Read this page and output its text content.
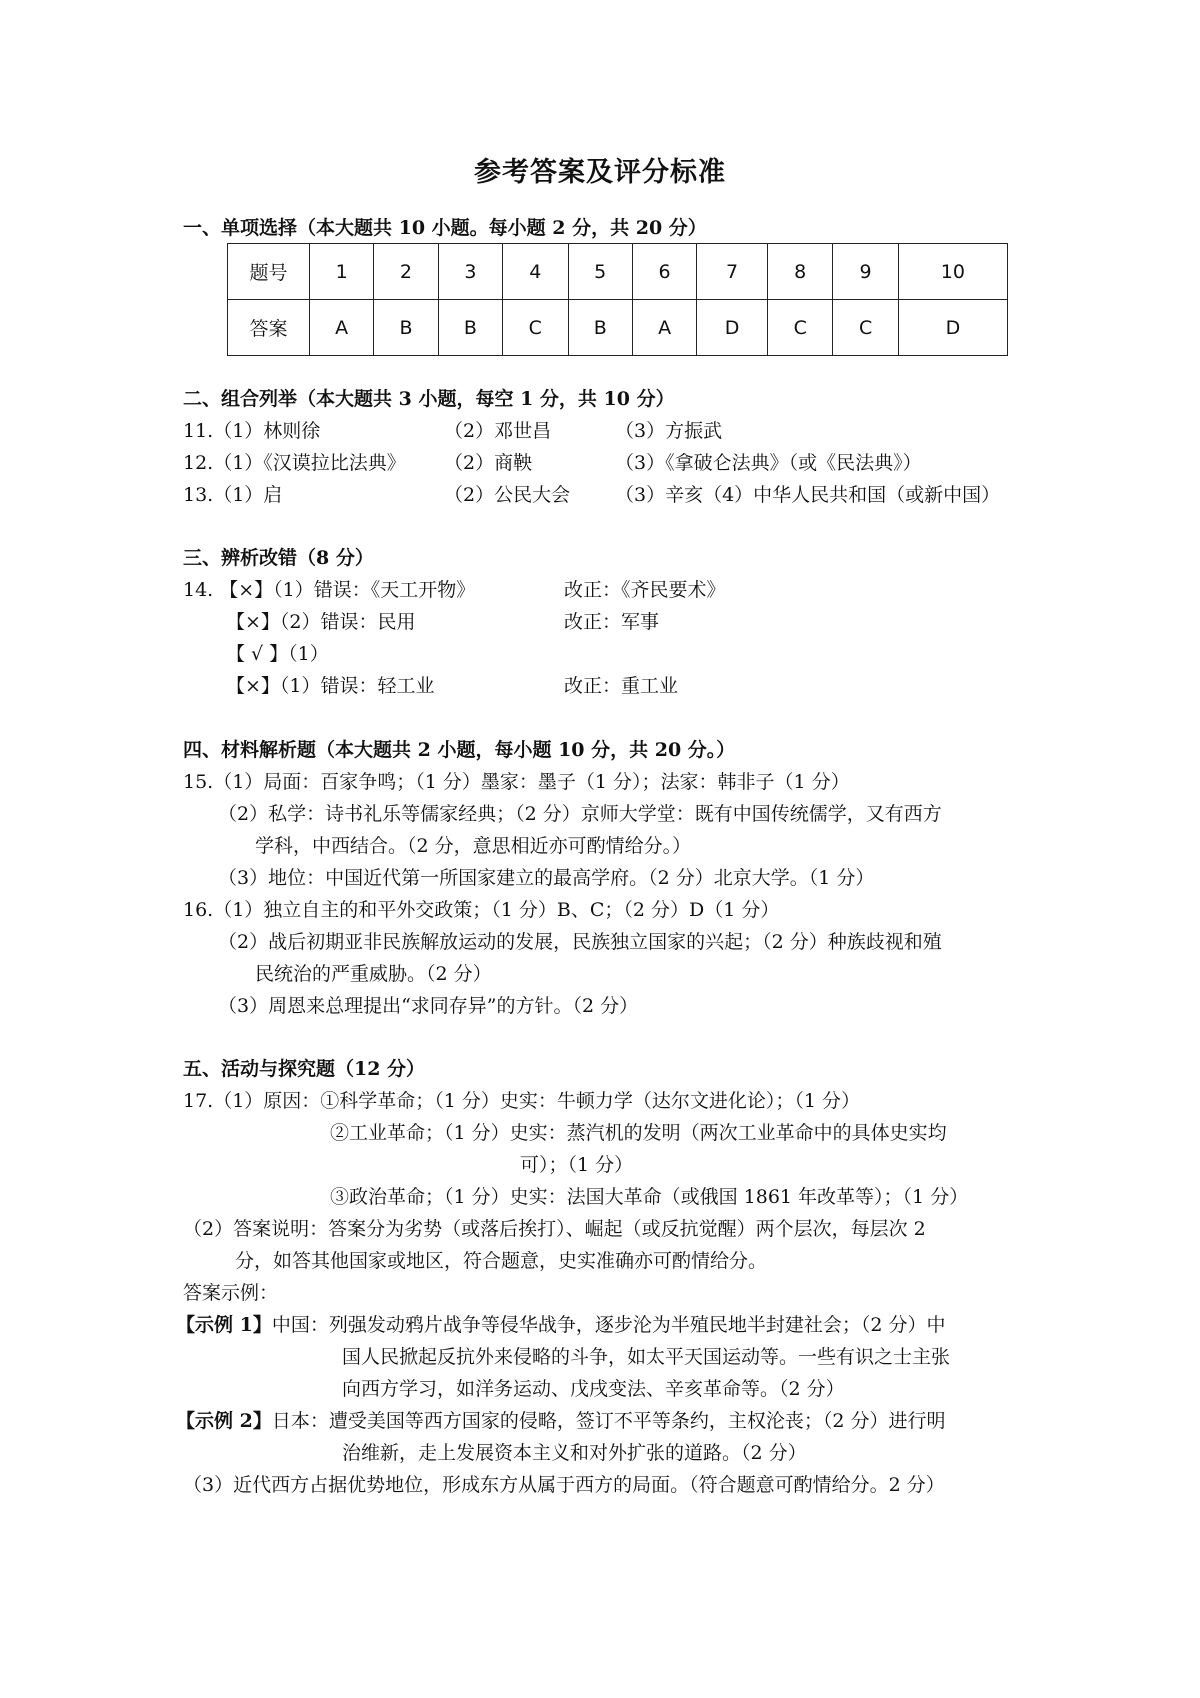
参考答案及评分标准
一、单项选择（本大题共 10 小题。每小题 2 分，共 20 分）
题号	1	2	3	4	5	6	7	8	9	10
答案	A	B	B	C	B	A	D	C	C	D
二、组合列举（本大题共 3 小题，每空 1 分，共 10 分）
11.（1）林则徐	（2）邓世昌	（3）方振武
12.（1）《汉谟拉比法典》 （2）商鞅	（3）《拿破仑法典》（或《民法典》）
13.（1）启	（2）公民大会 （3）辛亥（4）中华人民共和国（或新中国）
三、辨析改错（8 分）
14. 【×】（1）错误：《天工开物》	改正：《齐民要术》
【×】（2）错误：民用	改正：军事
【 √ 】（1）
【×】（1）错误：轻工业	改正：重工业
四、材料解析题（本大题共 2 小题，每小题 10 分，共 20 分。）
15.（1）局面：百家争鸣；（1 分）墨家：墨子（1 分）；法家：韩非子（1 分）
（2）私学：诗书礼乐等儒家经典；（2 分）京师大学堂：既有中国传统儒学，又有西方
学科，中西结合。（2 分，意思相近亦可酌情给分。）
（3）地位：中国近代第一所国家建立的最高学府。（2 分）北京大学。（1 分）
16.（1）独立自主的和平外交政策；（1 分）B、C；（2 分）D（1 分）
（2）战后初期亚非民族解放运动的发展，民族独立国家的兴起；（2 分）种族歧视和殖
民统治的严重威胁。（2 分）
（3）周恩来总理提出“求同存异”的方针。（2 分）
五、活动与探究题（12 分）
17.（1）原因：①科学革命；（1 分）史实：牛顿力学（达尔文进化论）；（1 分）
②工业革命；（1 分）史实：蒸汽机的发明（两次工业革命中的具体史实均
可）；（1 分）
③政治革命；（1 分）史实：法国大革命（或俄国 1861 年改革等）；（1 分）
（2）答案说明：答案分为劣势（或落后挨打）、崛起（或反抗觉醒）两个层次，每层次 2
分，如答其他国家或地区，符合题意，史实准确亦可酌情给分。
答案示例：
【示例 1】中国：列强发动鸦片战争等侵华战争，逐步沦为半殖民地半封建社会；（2 分）中
国人民掀起反抗外来侵略的斗争，如太平天国运动等。一些有识之士主张
向西方学习，如洋务运动、戊戌变法、辛亥革命等。（2 分）
【示例 2】日本：遭受美国等西方国家的侵略，签订不平等条约，主权沦丧；（2 分）进行明
治维新，走上发展资本主义和对外扩张的道路。（2 分）
（3）近代西方占据优势地位，形成东方从属于西方的局面。（符合题意可酌情给分。2 分）
